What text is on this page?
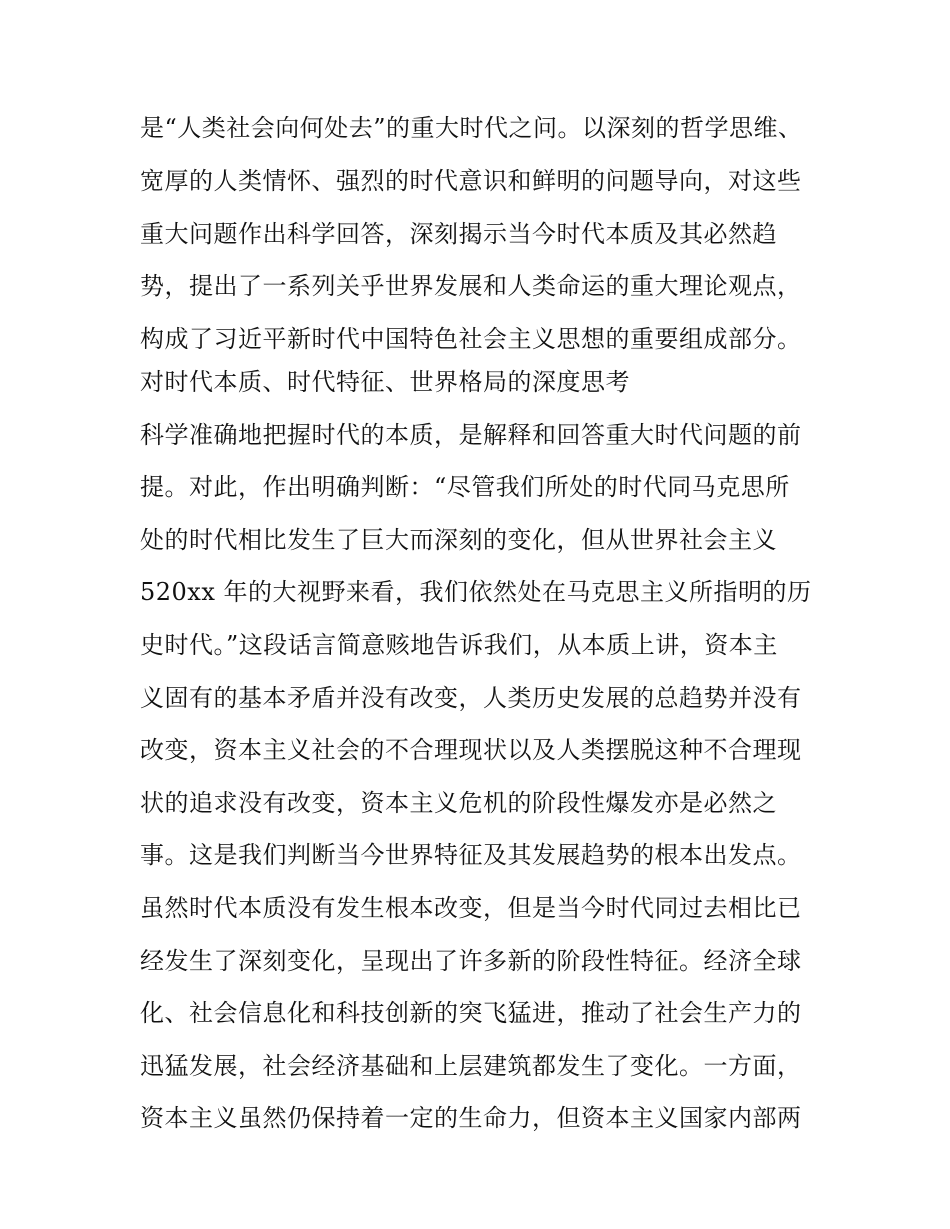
是“人类社会向何处去”的重大时代之问。以深刻的哲学思维、
宽厚的人类情怀、强烈的时代意识和鲜明的问题导向，对这些
重大问题作出科学回答，深刻揭示当今时代本质及其必然趋
势，提出了一系列关乎世界发展和人类命运的重大理论观点，
构成了习近平新时代中国特色社会主义思想的重要组成部分。
对时代本质、时代特征、世界格局的深度思考
科学准确地把握时代的本质，是解释和回答重大时代问题的前
提。对此，作出明确判断：“尽管我们所处的时代同马克思所
处的时代相比发生了巨大而深刻的变化，但从世界社会主义
520xx 年的大视野来看，我们依然处在马克思主义所指明的历
史时代。”这段话言简意赅地告诉我们，从本质上讲，资本主
义固有的基本矛盾并没有改变，人类历史发展的总趋势并没有
改变，资本主义社会的不合理现状以及人类摆脱这种不合理现
状的追求没有改变，资本主义危机的阶段性爆发亦是必然之
事。这是我们判断当今世界特征及其发展趋势的根本出发点。
虽然时代本质没有发生根本改变，但是当今时代同过去相比已
经发生了深刻变化，呈现出了许多新的阶段性特征。经济全球
化、社会信息化和科技创新的突飞猛进，推动了社会生产力的
迅猛发展，社会经济基础和上层建筑都发生了变化。一方面，
资本主义虽然仍保持着一定的生命力，但资本主义国家内部两
